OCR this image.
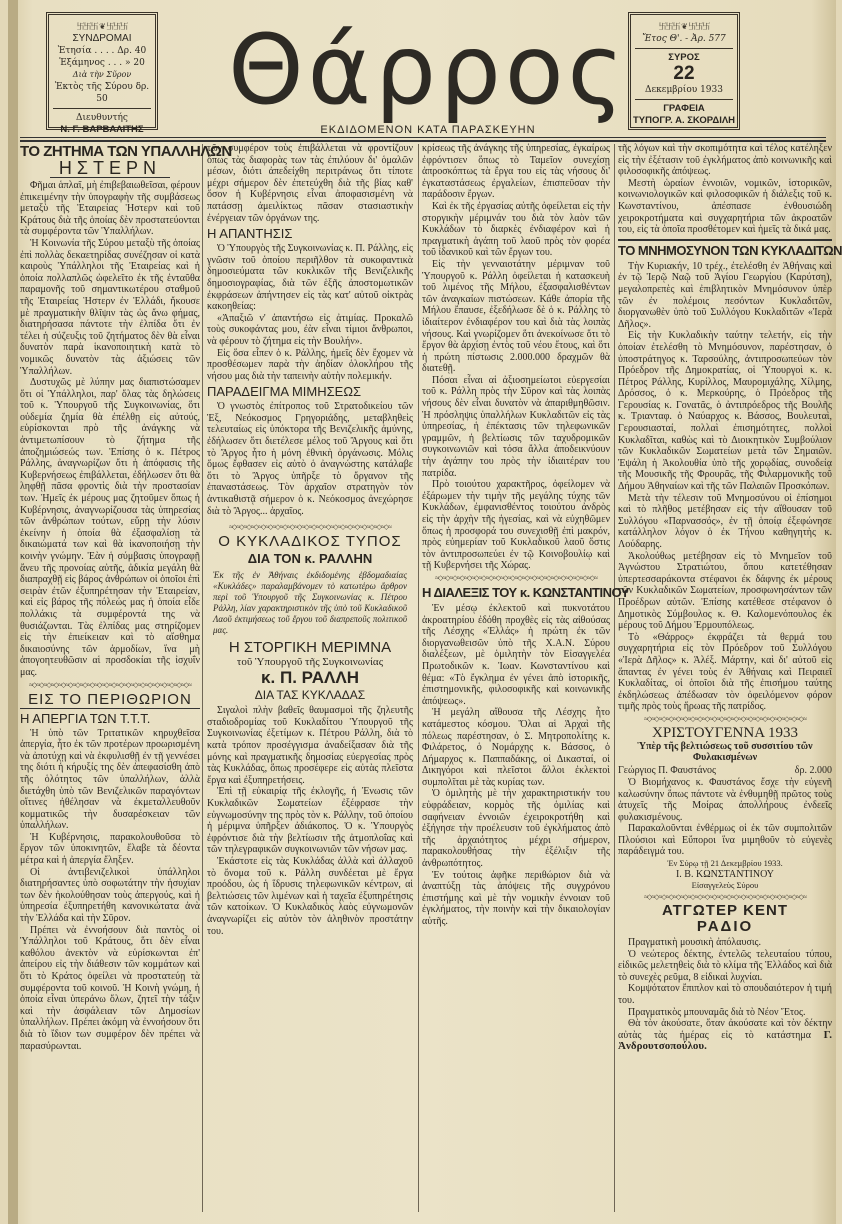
卐卐卐 ❦ 卐卐卐
ΣΥΝΔΡΟΜΑΙ
Ἐτησία . . . . Δρ. 40
Ἑξάμηνος . . . » 20
Διὰ τὴν Σῦρον
Ἐκτὸς τῆς Σύρου δρ. 50
Διευθυντής
Ν. Γ. ΒΑΡΒΑΛΙΤΗΣ
Θάρρος
ΕΚΔΙΔΟΜΕΝΟΝ ΚΑΤΑ ΠΑΡΑΣΚΕΥΗΝ
卐卐卐 ❦ 卐卐卐
Ἔτος Θ'. - Ἀρ. 577
ΣΥΡΟΣ
22
Δεκεμβρίου 1933
ΓΡΑΦΕΙΑ
ΤΥΠΟΓΡ. Α. ΣΚΟΡΔΙΛΗ
ΤΟ ΖΗΤΗΜΑ ΤΩΝ ΥΠΑΛΛΗΛΩΝ
ΗΣΤΕΡΝ

Φῆμαι ἁπλαῖ, μὴ ἐπιβεβαιωθεῖσαι, φέρουν ἐπικειμένην τὴν ὑπογραφὴν τῆς συμβάσεως μεταξὺ τῆς Ἑταιρείας Ἡστερν καὶ τοῦ Κράτους διὰ τῆς ὁποίας δὲν προστατεύονται τὰ συμφέροντα τῶν Ὑπαλλήλων.

Ἡ Κοινωνία τῆς Σύρου μεταξὺ τῆς ὁποίας ἐπὶ πολλὰς δεκαετηρίδας συνέζησαν οἱ κατὰ καιροὺς Ὑπάλληλοι τῆς Ἑταιρείας καὶ ἡ ὁποία πολλαπλῶς ὠφελεῖτο ἐκ τῆς ἐνταῦθα παραμονῆς τοῦ σημαντικωτέρου σταθμοῦ τῆς Ἑταιρείας Ἡστερν ἐν Ἑλλάδι, ἤκουσε μὲ πραγματικὴν θλῖψιν τὰς ὡς ἄνω φήμας, διατηρήσασα πάντοτε τὴν ἐλπίδα ὅτι ἐν τέλει ἡ σύζευξις τοῦ ζητήματος δὲν θὰ εἶναι δυνατὸν παρὰ ἱκανοποιητικὴ κατὰ τὸ νομικῶς δυνατὸν τὰς ἀξιώσεις τῶν Ὑπαλλήλων.

Δυστυχῶς μὲ λύπην μας διαπιστώσαμεν ὅτι οἱ Ὑπάλληλοι, παρ' ὅλας τὰς δηλώσεις τοῦ κ. Ὑπουργοῦ τῆς Συγκοινωνίας, ὅτι οὐδεμία ζημία θὰ ἐπέλθῃ εἰς αὐτούς, εὑρίσκονται πρὸ τῆς ἀνάγκης νὰ ἀντιμετωπίσουν τὸ ζήτημα τῆς ἀποζημιώσεώς των. Ἐπίσης ὁ κ. Πέτρος Ράλλης, ἀναγνωρίζων ὅτι ἡ ἀπόφασις τῆς Κυβερνήσεως ἐπιβάλλεται, ἐδήλωσεν ὅτι θὰ ληφθῇ πᾶσα φροντὶς διὰ τὴν προστασίαν των. Ἡμεῖς ἐκ μέρους μας ζητοῦμεν ὅπως ἡ Κυβέρνησις, ἀναγνωρίζουσα τὰς ὑπηρεσίας τῶν ἀνθρώπων τούτων, εὕρῃ τὴν λύσιν ἐκείνην ἡ ὁποία θὰ ἐξασφαλίσῃ τὰ δικαιώματά των καὶ θὰ ἱκανοποιήσῃ τὴν κοινὴν γνώμην. Ἐὰν ἡ σύμβασις ὑπογραφῇ ἄνευ τῆς προνοίας αὐτῆς, ἀδικία μεγάλη θὰ διαπραχθῇ εἰς βάρος ἀνθρώπων οἱ ὁποῖοι ἐπὶ σειρὰν ἐτῶν ἐξυπηρέτησαν τὴν Ἑταιρείαν, καὶ εἰς βάρος τῆς πόλεώς μας ἡ ὁποία εἶδε πολλάκις τὰ συμφέροντά της νὰ θυσιάζωνται. Τὰς ἐλπίδας μας στηρίζομεν εἰς τὴν ἐπιείκειαν καὶ τὸ αἴσθημα δικαιοσύνης τῶν ἁρμοδίων, ἵνα μὴ ἀπογοητευθῶσιν αἱ προσδοκίαι τῆς ἰσχυΐν μας.

≈◇≈◇≈◇≈◇≈◇≈◇≈◇≈◇≈◇≈◇≈◇≈◇≈◇≈◇≈◇≈◇≈◇≈◇≈◇≈◇≈◇≈◇≈
ΕΙΣ ΤΟ ΠΕΡΙΘΩΡΙΟΝ
Η ΑΠΕΡΓΙΑ ΤΩΝ Τ.Τ.Τ.

Ἡ ὑπὸ τῶν Τριτατικῶν κηρυχθεῖσα ἀπεργία, ἦτο ἐκ τῶν προτέρων προωρισμένη νὰ ἀποτύχῃ καὶ νὰ ἐκφυλισθῇ ἐν τῇ γεννέσει της διότι ἡ κήρυξίς της δὲν ἀπεφασίσθη ἀπὸ τῆς ὁλότητος τῶν ὑπαλλήλων, ἀλλὰ διετάχθη ὑπὸ τῶν Βενιζελικῶν παραγόντων οἵτινες ἠθέλησαν νὰ ἐκμεταλλευθοῦν κομματικῶς τὴν δυσαρέσκειαν τῶν ὑπαλλήλων.

Ἡ Κυβέρνησις, παρακολουθοῦσα τὸ ἔργον τῶν ὑποκινητῶν, ἔλαβε τὰ δέοντα μέτρα καὶ ἡ ἀπεργία ἔληξεν.

Οἱ ἀντιβενιζελικοὶ ὑπάλληλοι διατηρήσαντες ὑπὸ σοφωτάτην τὴν ἡσυχίαν των δὲν ἠκολούθησαν τοὺς ἀπεργούς, καὶ ἡ ὑπηρεσία ἐξυπηρετήθη κανονικώτατα ἀνὰ τὴν Ἑλλάδα καὶ τὴν Σῦρον.

Πρέπει νὰ ἐννοήσουν διὰ παντὸς οἱ Ὑπάλληλοι τοῦ Κράτους, ὅτι δὲν εἶναι καθόλου ἀνεκτὸν νὰ εὑρίσκωνται ἐπ' ἀπείρου εἰς τὴν διάθεσιν τῶν κομμάτων καὶ ὅτι τὸ Κράτος ὀφείλει νὰ προστατεύῃ τὰ συμφέροντα τοῦ κοινοῦ. Ἡ Κοινὴ γνώμη, ἡ ὁποία εἶναι ὑπεράνω ὅλων, ζητεῖ τὴν τάξιν καὶ τὴν ἀσφάλειαν τῶν Δημοσίων ὑπαλλήλων. Πρέπει ἀκόμη νὰ ἐννοήσουν ὅτι διὰ τὸ ἴδιον των συμφέρον δὲν πρέπει νὰ παρασύρωνται.

τῶν συμφέρον τοὺς ἐπιβάλλεται νὰ φροντίζουν ὅπως τὰς διαφορὰς των τὰς ἐπιλύουν δι' ὁμαλῶν μέσων, διότι ἀπεδείχθη περιτράνως ὅτι τίποτε μέχρι σήμερον δὲν ἐπετεύχθη διὰ τῆς βίας καθ' ὅσον ἡ Κυβέρνησις εἶναι ἀποφασισμένη νὰ πατάσσῃ ἀμειλίκτως πᾶσαν στασιαστικὴν ἐνέργειαν τῶν ὀργάνων της.

Η ΑΠΑΝΤΗΣΙΣ

Ὁ Ὑπουργὸς τῆς Συγκοινωνίας κ. Π. Ράλλης, εἰς γνῶσιν τοῦ ὁποίου περιῆλθον τὰ συκοφαντικὰ δημοσιεύματα τῶν κυκλικῶν τῆς Βενιζελικῆς δημοσιογραφίας, διὰ τῶν ἑξῆς ἀποστομωτικῶν ἐκφράσεων ἀπήντησεν εἰς τὰς κατ' αὐτοῦ οἰκτρὰς κακοηθείας:

«Ἀπαξιῶ ν' ἀπαντήσω εἰς ἀτιμίας. Προκαλῶ τοὺς συκοφάντας μου, ἐὰν εἶναι τίμιοι ἄνθρωποι, νὰ φέρουν τὸ ζήτημα εἰς τὴν Βουλήν».

Εἰς ὅσα εἶπεν ὁ κ. Ράλλης, ἡμεῖς δὲν ἔχομεν νὰ προσθέσωμεν παρὰ τὴν ἀηδίαν ὁλοκλήρου τῆς νήσου μας διὰ τὴν ταπεινὴν αὐτὴν πολεμικήν.

ΠΑΡΑΔΕΙΓΜΑ ΜΙΜΗΣΕΩΣ

Ὁ γνωστὸς ἐπίτροπος τοῦ Στρατοδικείου τῶν Ἐξ, Νεόκοσμος Γρηγοριάδης, μεταβληθεὶς τελευταίως εἰς ὑπόκτορα τῆς Βενιζελικῆς ἀμύνης, ἐδήλωσεν ὅτι διετέλεσε μέλος τοῦ Ἄργους καὶ ὅτι τὸ Ἄργος ἦτο ἡ μόνη ἐθνικὴ ὀργάνωσις. Μόλις ὅμως ἔφθασεν εἰς αὐτὸ ὁ ἀναγνώστης κατάλαβε ὅτι τὸ Ἄργος ὑπῆρξε τὸ ὅργανον τῆς ἐπαναστάσεως. Τὸν ἀρχαῖον στρατηγὸν τὸν ἀντικαθιστᾷ σήμερον ὁ κ. Νεόκοσμος ἀνεχώρησε διὰ τὸ Ἄργος... ἀρχαῖος.

≈◇≈◇≈◇≈◇≈◇≈◇≈◇≈◇≈◇≈◇≈◇≈◇≈◇≈◇≈◇≈◇≈◇≈◇≈◇≈◇≈◇≈◇≈
Ο ΚΥΚΛΑΔΙΚΟΣ ΤΥΠΟΣ
ΔΙΑ ΤΟΝ κ. ΡΑΛΛΗΝ
Ἐκ τῆς ἐν Ἀθήναις ἐκδιδομένης ἐβδομαδιαίας «Κυκλάδες» παραλαμβάνομεν τὸ κατωτέρω ἄρθρον περὶ τοῦ Ὑπουργοῦ τῆς Συγκοινωνίας κ. Πέτρου Ράλλη, λίαν χαρακτηριστικὸν τῆς ὑπὸ τοῦ Κυκλαδικοῦ Λαοῦ ἐκτιμήσεως τοῦ ἔργου τοῦ διαπρεποῦς πολιτικοῦ μας.
Η ΣΤΟΡΓΙΚΗ ΜΕΡΙΜΝΑ
τοῦ Ὑπουργοῦ τῆς Συγκοινωνίας
κ. Π. ΡΑΛΛΗ
ΔΙΑ ΤΑΣ ΚΥΚΛΑΔΑΣ

Σιγαλοὶ πλὴν βαθεῖς θαυμασμοὶ τῆς ζηλευτῆς σταδιοδρομίας τοῦ Κυκλαδίτου Ὑπουργοῦ τῆς Συγκοινωνίας ἐξετίμων κ. Πέτρου Ράλλη, διὰ τὸ κατὰ τρόπον προσέγγισμα ἀναδείξασαν διὰ τῆς μόνης καὶ πραγματικῆς δημοσίας εὐεργεσίας πρὸς τὰς Κυκλάδας, ὅπως προσέφερε εἰς αὐτὰς πλεῖστα ἔργα καὶ ἐξυπηρετήσεις.

Ἐπὶ τῇ εὐκαιρίᾳ τῆς ἐκλογῆς, ἡ Ἐνωσις τῶν Κυκλαδικῶν Σωματείων ἐξέφρασε τὴν εὐγνωμοσύνην της πρὸς τὸν κ. Ράλλην, τοῦ ὁποίου ἡ μέριμνα ὑπῆρξεν ἀδιάκοπος. Ὁ κ. Ὑπουργὸς ἐφρόντισε διὰ τὴν βελτίωσιν τῆς ἀτμοπλοΐας καὶ τῶν τηλεγραφικῶν συγκοινωνιῶν τῶν νήσων μας.

Ἑκάστοτε εἰς τὰς Κυκλάδας ἀλλὰ καὶ ἀλλαχοῦ τὸ ὄνομα τοῦ κ. Ράλλη συνδέεται μὲ ἔργα προόδου, ὡς ἡ ἵδρυσις τηλεφωνικῶν κέντρων, αἱ βελτιώσεις τῶν λιμένων καὶ ἡ ταχεῖα ἐξυπηρέτησις τῶν κατοίκων. Ὁ Κυκλαδικὸς λαὸς εὐγνωμονῶν ἀναγνωρίζει εἰς αὐτὸν τὸν ἀληθινὸν προστάτην του.

κρίσεως τῆς ἀνάγκης τῆς ὑπηρεσίας, ἐγκαίρως ἐφρόντισεν ὅπως τὸ Ταμεῖον συνεχίσῃ ἀπροσκόπτως τὰ ἔργα του εἰς τὰς νήσους δι' ἐγκαταστάσεως ἐργαλείων, ἐπισπεῦσαν τὴν παράδοσιν ἔργων.

Καὶ ἐκ τῆς ἐργασίας αὐτῆς ὀφείλεται εἰς τὴν στοργικὴν μέριμνάν του διὰ τὸν λαὸν τῶν Κυκλάδων τὸ διαρκὲς ἐνδιαφέρον καὶ ἡ πραγματικὴ ἀγάπη τοῦ λαοῦ πρὸς τὸν φορέα τοῦ ἰδανικοῦ καὶ τῶν ἔργων του.

Εἰς τὴν γενναιοτάτην μέριμναν τοῦ Ὑπουργοῦ κ. Ράλλη ὀφείλεται ἡ κατασκευὴ τοῦ λιμένος τῆς Μήλου, ἐξασφαλισθέντων τῶν ἀναγκαίων πιστώσεων. Κάθε ἀπορία τῆς Μήλου ἔπαυσε, ἐξεδήλωσε δὲ ὁ κ. Ράλλης τὸ ἰδιαίτερον ἐνδιαφέρον του καὶ διὰ τὰς λοιπὰς νήσους. Καὶ γνωρίζομεν ὅτι ἀνεκοίνωσε ὅτι τὸ ἔργον θὰ ἀρχίσῃ ἐντὸς τοῦ νέου ἔτους, καὶ ὅτι ἡ πρώτη πίστωσις 2.000.000 δραχμῶν θὰ διατεθῇ.

Πόσαι εἶναι αἱ ἀξιοσημείωτοι εὐεργεσίαι τοῦ κ. Ράλλη πρὸς τὴν Σῦρον καὶ τὰς λοιπὰς νήσους δὲν εἶναι δυνατὸν νὰ ἀπαριθμηθῶσιν. Ἡ πρόσληψις ὑπαλλήλων Κυκλαδιτῶν εἰς τὰς ὑπηρεσίας, ἡ ἐπέκτασις τῶν τηλεφωνικῶν γραμμῶν, ἡ βελτίωσις τῶν ταχυδρομικῶν συγκοινωνιῶν καὶ τόσα ἄλλα ἀποδεικνύουν τὴν ἀγάπην του πρὸς τὴν ἰδιαιτέραν του πατρίδα.

Πρὸ τοιούτου χαρακτῆρος, ὀφείλομεν νὰ ἐξάρωμεν τὴν τιμὴν τῆς μεγάλης τύχης τῶν Κυκλάδων, ἐμφανισθέντος τοιούτου ἀνδρὸς εἰς τὴν ἀρχὴν τῆς ἡγεσίας, καὶ νὰ εὐχηθῶμεν ὅπως ἡ προσφορά του συνεχισθῇ ἐπὶ μακρόν, πρὸς εὐημερίαν τοῦ Κυκλαδικοῦ λαοῦ ὅστις τὸν ἀντιπροσωπεύει ἐν τῷ Κοινοβουλίῳ καὶ τῇ Κυβερνήσει τῆς Χώρας.

≈◇≈◇≈◇≈◇≈◇≈◇≈◇≈◇≈◇≈◇≈◇≈◇≈◇≈◇≈◇≈◇≈◇≈◇≈◇≈◇≈◇≈◇≈
Η ΔΙΑΛΕΞΙΣ ΤΟΥ κ. ΚΩΝΣΤΑΝΤΙΝΟΥ

Ἐν μέσῳ ἐκλεκτοῦ καὶ πυκνοτάτου ἀκροατηρίου ἐδόθη προχθὲς εἰς τὰς αἰθούσας τῆς Λέσχης «Ἑλλάς» ἡ πρώτη ἐκ τῶν διοργανωθεισῶν ὑπὸ τῆς Χ.Α.Ν. Σύρου διαλέξεων, μὲ ὁμιλητὴν τὸν Εἰσαγγελέα Πρωτοδικῶν κ. Ἰωαν. Κωνσταντίνου καὶ θέμα: «Τὸ ἔγκλημα ἐν γένει ἀπὸ ἱστορικῆς, ἐπιστημονικῆς, φιλοσοφικῆς καὶ κοινωνικῆς ἀπόψεως».

Ἡ μεγάλη αἴθουσα τῆς Λέσχης ἦτο κατάμεστος κόσμου. Ὅλαι αἱ Ἀρχαὶ τῆς πόλεως παρέστησαν, ὁ Σ. Μητροπολίτης κ. Φιλάρετος, ὁ Νομάρχης κ. Βάσσος, ὁ Δήμαρχος κ. Παππαδάκης, οἱ Δικασταί, οἱ Δικηγόροι καὶ πλεῖστοι ἄλλοι ἐκλεκτοὶ συμπολῖται μὲ τὰς κυρίας των.

Ὁ ὁμιλητὴς μὲ τὴν χαρακτηριστικήν του εὐφράδειαν, κορμὸς τῆς ὁμιλίας καὶ σαφήνειαν ἐννοιῶν ἐχειροκροτήθη καὶ ἐξήγησε τὴν προέλευσιν τοῦ ἐγκλήματος ἀπὸ τῆς ἀρχαιότητος μέχρι σήμερον, παρακολουθήσας τὴν ἐξέλιξιν τῆς ἀνθρωπότητος.

Ἐν τούτοις ἀφῆκε περιθώριον διὰ νὰ ἀναπτύξῃ τὰς ἀπόψεις τῆς συγχρόνου ἐπιστήμης καὶ μὲ τὴν νομικὴν ἐννοιαν τοῦ ἐγκλήματος, τὴν ποινὴν καὶ τὴν δικαιολογίαν αὐτῆς.

τῆς λόγων καὶ τὴν σκοπιμότητα καὶ τέλος κατέληξεν εἰς τὴν ἐξέτασιν τοῦ ἐγκλήματος ἀπὸ κοινωνικῆς καὶ φιλοσοφικῆς ἀπόψεως.

Μεστὴ ὡραίων ἐννοιῶν, νομικῶν, ἱστορικῶν, κοινωνιολογικῶν καὶ φιλοσοφικῶν ἡ διάλεξις τοῦ κ. Κωνσταντίνου, ἀπέσπασε ἐνθουσιώδη χειροκροτήματα καὶ συγχαρητήρια τῶν ἀκροατῶν του, εἰς τὰ ὁποῖα προσθέτομεν καὶ ἡμεῖς τὰ δικά μας.

ΤΟ ΜΝΗΜΟΣΥΝΟΝ ΤΩΝ ΚΥΚΛΑΔΙΤΩΝ

Τὴν Κυριακήν, 10 τρέχ., ἐτελέσθη ἐν Ἀθήναις καὶ ἐν τῷ Ἱερῷ Ναῷ τοῦ Ἁγίου Γεωργίου (Καρύτση), μεγαλοπρεπὲς καὶ ἐπιβλητικὸν Μνημόσυνον ὑπὲρ τῶν ἐν πολέμοις πεσόντων Κυκλαδιτῶν, διοργανωθὲν ὑπὸ τοῦ Συλλόγου Κυκλαδιτῶν «Ἱερὰ Δῆλος».

Εἰς τὴν Κυκλαδικὴν ταύτην τελετήν, εἰς τὴν ὁποίαν ἐτελέσθη τὸ Μνημόσυνον, παρέστησαν, ὁ ὑποστράτηγος κ. Ταρσούλης, ἀντιπροσωπεύων τὸν Πρόεδρον τῆς Δημοκρατίας, οἱ Ὑπουργοὶ κ. κ. Πέτρος Ράλλης, Κυρίλλος, Μαυρομιχάλης, Χίλμης, Δρόσσος, ὁ κ. Μερκούρης, ὁ Πρόεδρος τῆς Γερουσίας κ. Γονατᾶς, ὁ ἀντιπρόεδρος τῆς Βουλῆς κ. Τριανταφ. ὁ Ναύαρχος κ. Βάσσος, Βουλευταὶ, Γερουσιασταί, πολλαὶ ἐπισημότητες, πολλοὶ Κυκλαδῖται, καθὼς καὶ τὸ Διοικητικὸν Συμβούλιον τῶν Κυκλαδικῶν Σωματείων μετὰ τῶν Σημαιῶν. Ἐψάλη ἡ Ἀκολουθία ὑπὸ τῆς χορῳδίας, συνοδείᾳ τῆς Μουσικῆς τῆς Φρουρᾶς, τῆς Φιλαρμονικῆς τοῦ Δήμου Ἀθηναίων καὶ τῆς τῶν Παλαιῶν Προσκόπων.

Μετὰ τὴν τέλεσιν τοῦ Μνημοσύνου οἱ ἐπίσημοι καὶ τὸ πλῆθος μετέβησαν εἰς τὴν αἴθουσαν τοῦ Συλλόγου «Παρνασσός», ἐν τῇ ὁποίᾳ ἐξεφώνησε κατάλληλον λόγον ὁ ἐκ Τήνου καθηγητὴς κ. Λούδαρης.

Ἀκολούθως μετέβησαν εἰς τὸ Μνημεῖον τοῦ Ἀγνώστου Στρατιώτου, ὅπου κατετέθησαν ὑπερτεσσαράκοντα στέφανοι ἐκ δάφνης ἐκ μέρους τῶν Κυκλαδικῶν Σωματείων, προσφωνησάντων τῶν Προέδρων αὐτῶν. Ἐπίσης κατέθεσε στέφανον ὁ Δημοτικὸς Σύμβουλος κ. Θ. Καλομενόπουλος ἐκ μέρους τοῦ Δήμου Ἑρμουπόλεως.

Τὸ «Θάρρος» ἐκφράζει τὰ θερμά του συγχαρητήρια εἰς τὸν Πρόεδρον τοῦ Συλλόγου «Ἱερὰ Δῆλος» κ. Ἀλέξ. Μάρτην, καὶ δι' αὐτοῦ εἰς ἅπαντας ἐν γένει τοὺς ἐν Ἀθήναις καὶ Πειραιεῖ Κυκλαδίτας, οἱ ὁποῖοι διὰ τῆς ἐπισήμου ταύτης ἐκδηλώσεως ἀπέδωσαν τὸν ὀφειλόμενον φόρον τιμῆς πρὸς τοὺς ἥρωας τῆς πατρίδος.

≈◇≈◇≈◇≈◇≈◇≈◇≈◇≈◇≈◇≈◇≈◇≈◇≈◇≈◇≈◇≈◇≈◇≈◇≈◇≈◇≈◇≈◇≈
ΧΡΙΣΤΟΥΓΕΝΝΑ 1933
Ὑπὲρ τῆς βελτιώσεως τοῦ συσσιτίου τῶν Φυλακισμένων
Γεώργιος Π. Φαυστάνος	δρ. 2.000

Ὁ Βιομήχανος κ. Φαυστάνος ἔσχε τὴν εὐγενῆ καλωσύνην ὅπως πάντοτε νὰ ἐνθυμηθῇ πρῶτος τοὺς ἀτυχεῖς τῆς Μοίρας ἀπολλήρους ἐνδεεῖς φυλακισμένους.

Παρακαλοῦνται ἐνθέρμως οἱ ἐκ τῶν συμπολιτῶν Πλούσιοι καὶ Εὔποροι ἵνα μιμηθοῦν τὸ εὐγενὲς παράδειγμά του.

Ἐν Σύρῳ τῇ 21 Δεκεμβρίου 1933.
Ι. Β. ΚΩΝΣΤΑΝΤΙΝΟΥ
Εἰσαγγελεὺς Σύρου
≈◇≈◇≈◇≈◇≈◇≈◇≈◇≈◇≈◇≈◇≈◇≈◇≈◇≈◇≈◇≈◇≈◇≈◇≈◇≈◇≈◇≈◇≈
ΑΤΓΩΤΕΡ ΚΕΝΤ
ΡΑΔΙΟ

Πραγματικὴ μουσικὴ ἀπόλαυσις.

Ὁ νεώτερος δέκτης, ἐντελῶς τελευταίου τύπου, εἰδικῶς μελετηθεὶς διὰ τὸ κλίμα τῆς Ἑλλάδος καὶ διὰ τὸ συνεχὲς ρεῦμα, 8 εἰδικαὶ λυχνίαι.

Κομψότατον ἔπιπλον καὶ τὸ σπουδαιότερον ἡ τιμή του.

Πραγματικὸς μπουναμᾶς διὰ τὸ Νέον Ἔτος.

Θὰ τὸν ἀκούσατε, ὅταν ἀκούσατε καὶ τὸν δέκτην αὐτὰς τὰς ἡμέρας εἰς τὸ κατάστημα Γ. Ἀνδρουτσοπούλου.
